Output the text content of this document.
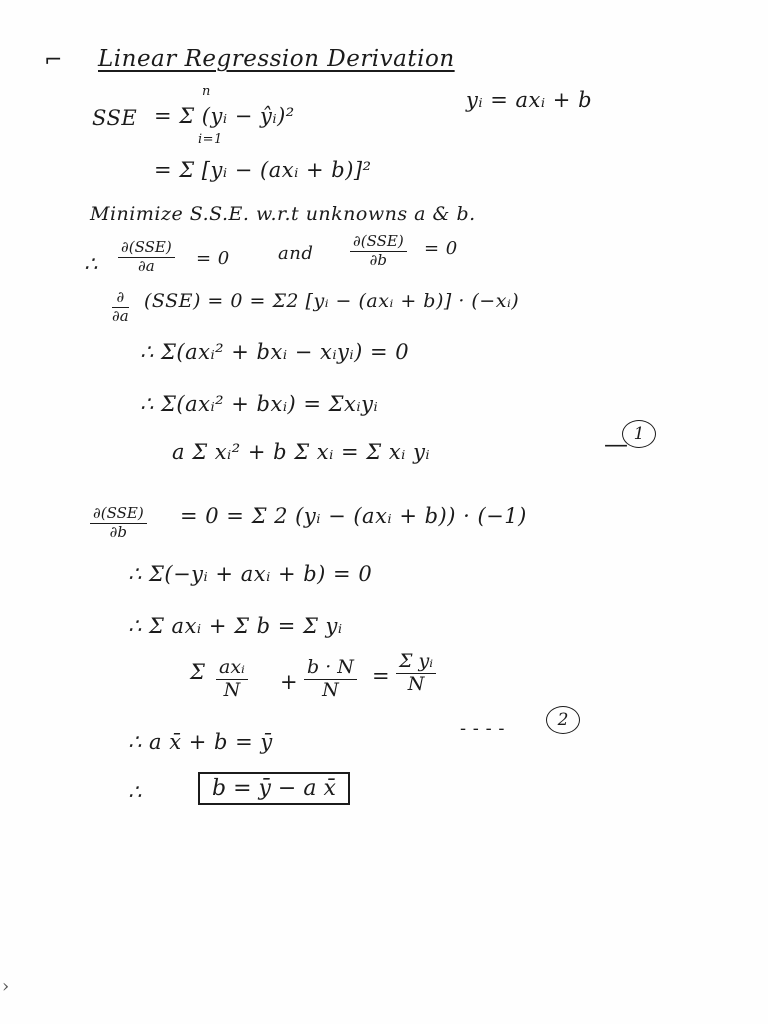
⌐ Linear Regression Derivation
SSE
n
= Σ (yᵢ − ŷᵢ)²
i=1
yᵢ = axᵢ + b
= Σ [yᵢ − (axᵢ + b)]²
Minimize S.S.E. w.r.t unknowns a & b.
∴
∂(SSE)
∂a = 0	and
∂(SSE)
∂b
= 0
∂
∂a
(SSE) = 0 = Σ2 [yᵢ − (axᵢ + b)] · (−xᵢ)
∴ Σ(axᵢ² + bxᵢ − xᵢyᵢ) = 0
∴ Σ(axᵢ² + bxᵢ) = Σxᵢyᵢ
a Σ xᵢ² + b Σ xᵢ = Σ xᵢ yᵢ	— 1
∂(SSE)
∂b
= 0 = Σ 2 (yᵢ − (axᵢ + b)) · (−1)
∴ Σ(−yᵢ + axᵢ + b) = 0
∴ Σ axᵢ + Σ b = Σ yᵢ
Σ axᵢ
N +
b · N
N
=
Σ yᵢ
N
- - - -	2
∴ a x̄ + b = ȳ
∴	b = ȳ − a x̄
›
